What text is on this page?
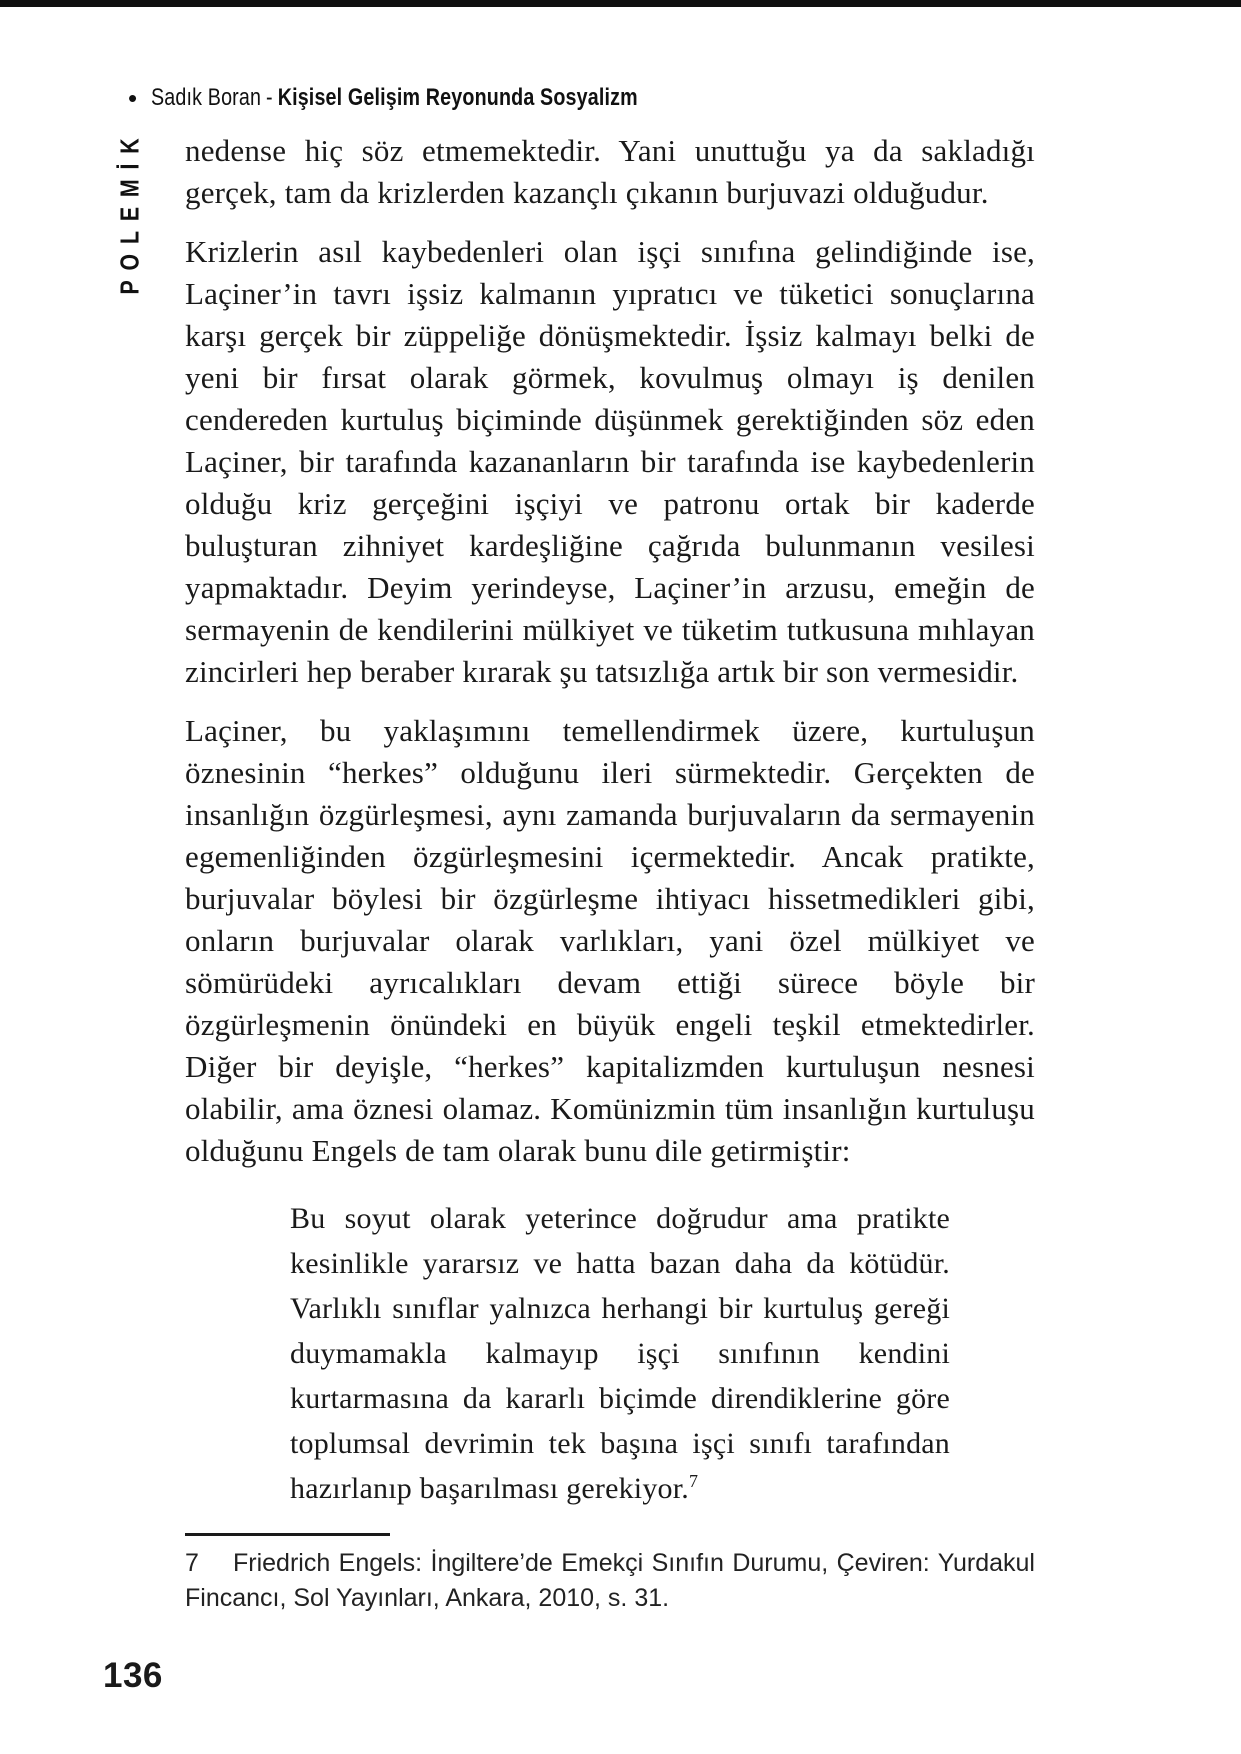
• Sadık Boran - Kişisel Gelişim Reyonunda Sosyalizm
POLEMİK nedense hiç söz etmemektedir. Yani unuttuğu ya da sakladığı gerçek, tam da krizlerden kazançlı çıkanın burjuvazi olduğudur.

Krizlerin asıl kaybedenleri olan işçi sınıfına gelindiğinde ise, Laçiner’in tavrı işsiz kalmanın yıpratıcı ve tüketici sonuçlarına karşı gerçek bir züppeliğe dönüşmektedir. İşsiz kalmayı belki de yeni bir fırsat olarak görmek, kovulmuş olmayı iş denilen cendereden kurtuluş biçiminde düşünmek gerektiğinden söz eden Laçiner, bir tarafında kazananların bir tarafında ise kaybedenlerin olduğu kriz gerçeğini işçiyi ve patronu ortak bir kaderde buluşturan zihniyet kardeşliğine çağrıda bulunmanın vesilesi yapmaktadır. Deyim yerindeyse, Laçiner’in arzusu, emeğin de sermayenin de kendilerini mülkiyet ve tüketim tutkusuna mıhlayan zincirleri hep beraber kırarak şu tatsızlığa artık bir son vermesidir.

Laçiner, bu yaklaşımını temellendirmek üzere, kurtuluşun öznesinin “herkes” olduğunu ileri sürmektedir. Gerçekten de insanlığın özgürleşmesi, aynı zamanda burjuvaların da sermayenin egemenliğinden özgürleşmesini içermektedir. Ancak pratikte, burjuvalar böylesi bir özgürleşme ihtiyacı hissetmedikleri gibi, onların burjuvalar olarak varlıkları, yani özel mülkiyet ve sömürüdeki ayrıcalıkları devam ettiği sürece böyle bir özgürleşmenin önündeki en büyük engeli teşkil etmektedirler. Diğer bir deyişle, “herkes” kapitalizmden kurtuluşun nesnesi olabilir, ama öznesi olamaz. Komünizmin tüm insanlığın kurtuluşu olduğunu Engels de tam olarak bunu dile getirmiştir:

Bu soyut olarak yeterince doğrudur ama pratikte kesinlikle yararsız ve hatta bazan daha da kötüdür. Varlıklı sınıflar yalnızca herhangi bir kurtuluş gereği duymamakla kalmayıp işçi sınıfının kendini kurtarmasına da kararlı biçimde direndiklerine göre toplumsal devrimin tek başına işçi sınıfı tarafından hazırlanıp başarılması gerekiyor.$^7$

7 Friedrich Engels: İngiltere’de Emekçi Sınıfın Durumu, Çeviren: Yurdakul Fincancı, Sol Yayınları, Ankara, 2010, s. 31.

136
